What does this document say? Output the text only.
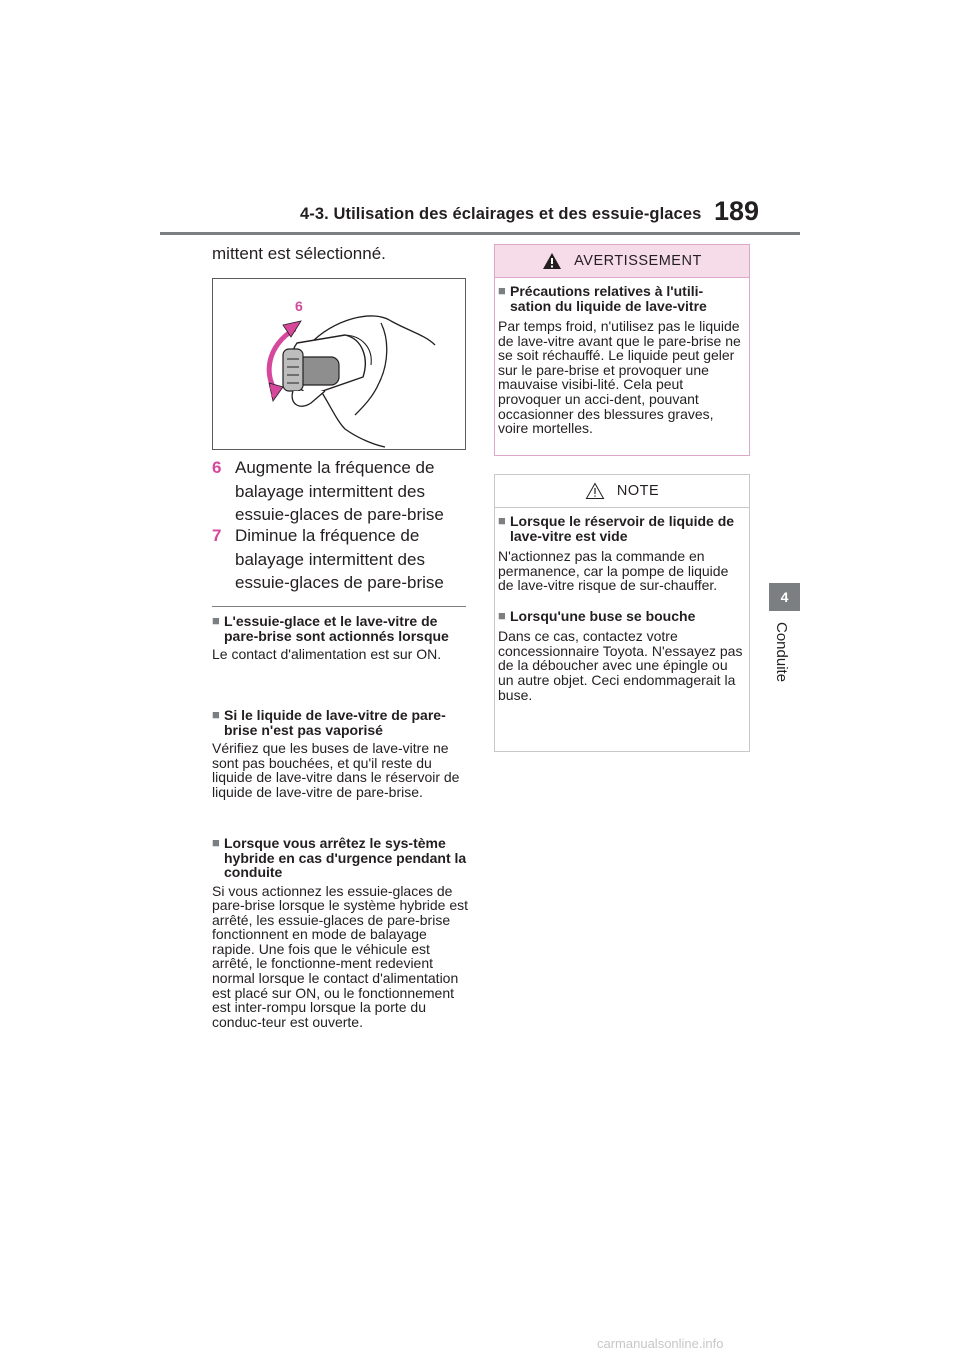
4-3. Utilisation des éclairages et des essuie-glaces 189
4
Conduite
mittent est sélectionné.
6
7
6 Augmente la fréquence de balayage intermittent des essuie-glaces de pare-brise
7 Diminue la fréquence de balayage intermittent des essuie-glaces de pare-brise
■ L'essuie-glace et le lave-vitre de pare-brise sont actionnés lorsque
Le contact d'alimentation est sur ON.
■ Si le liquide de lave-vitre de pare-brise n'est pas vaporisé
Vérifiez que les buses de lave-vitre ne sont pas bouchées, et qu'il reste du liquide de lave-vitre dans le réservoir de liquide de lave-vitre de pare-brise.
■ Lorsque vous arrêtez le sys-tème hybride en cas d'urgence pendant la conduite
Si vous actionnez les essuie-glaces de pare-brise lorsque le système hybride est arrêté, les essuie-glaces de pare-brise fonctionnent en mode de balayage rapide. Une fois que le véhicule est arrêté, le fonctionne-ment redevient normal lorsque le contact d'alimentation est placé sur ON, ou le fonctionnement est inter-rompu lorsque la porte du conduc-teur est ouverte.
AVERTISSEMENT
■ Précautions relatives à l'utili-sation du liquide de lave-vitre
Par temps froid, n'utilisez pas le liquide de lave-vitre avant que le pare-brise ne se soit réchauffé. Le liquide peut geler sur le pare-brise et provoquer une mauvaise visibi-lité. Cela peut provoquer un acci-dent, pouvant occasionner des blessures graves, voire mortelles.
NOTE
■ Lorsque le réservoir de liquide de lave-vitre est vide
N'actionnez pas la commande en permanence, car la pompe de liquide de lave-vitre risque de sur-chauffer.
■ Lorsqu'une buse se bouche
Dans ce cas, contactez votre concessionnaire Toyota. N'essayez pas de la déboucher avec une épingle ou un autre objet. Ceci endommagerait la buse.
carmanualsonline.info
